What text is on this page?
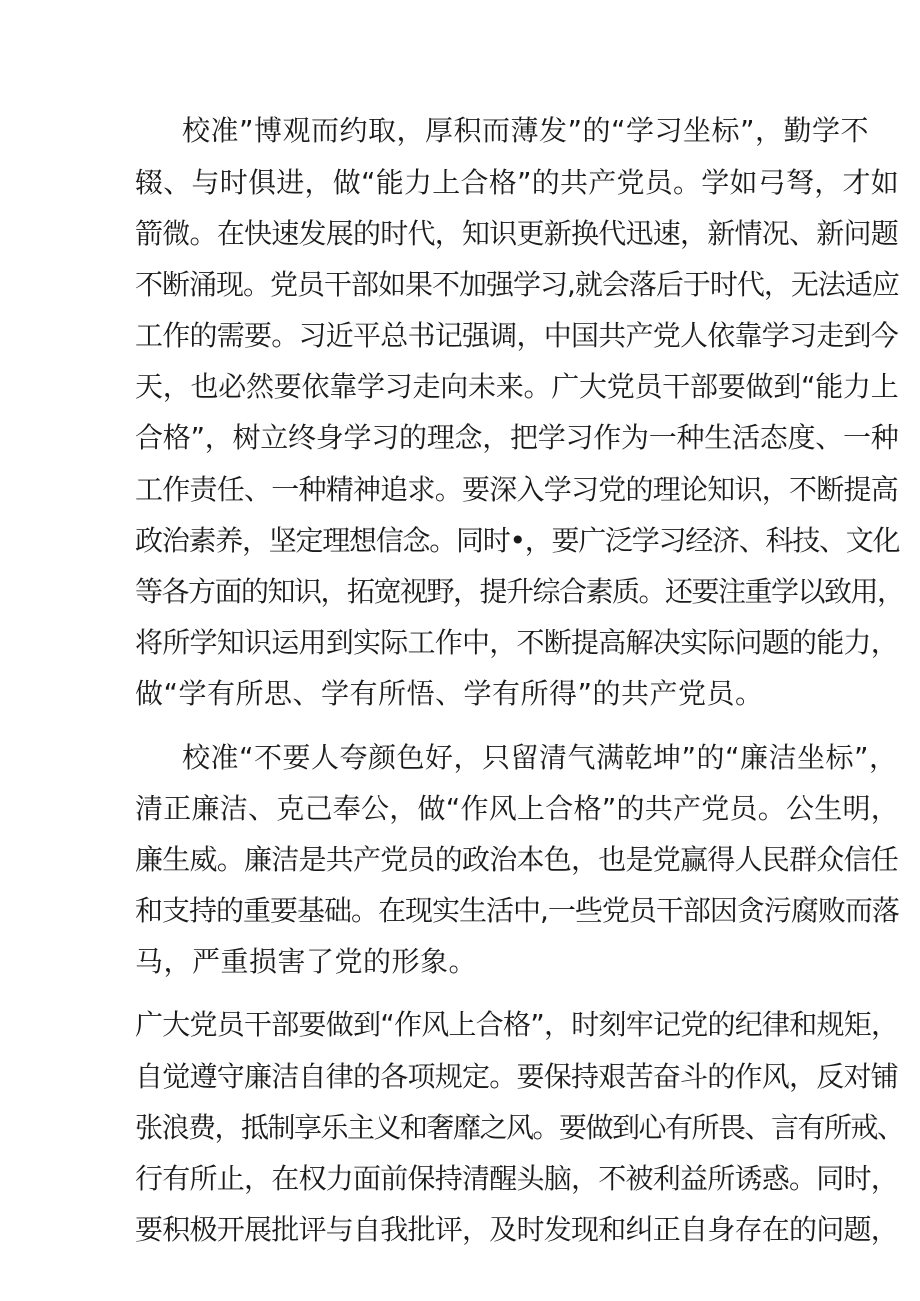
校准”博观而约取，厚积而薄发”的“学习坐标”，勤学不
辍、与时俱进，做“能力上合格”的共产党员。学如弓弩，才如
箭微。在快速发展的时代，知识更新换代迅速，新情况、新问题
不断涌现。党员干部如果不加强学习,就会落后于时代，无法适应
工作的需要。习近平总书记强调，中国共产党人依靠学习走到今
天，也必然要依靠学习走向未来。广大党员干部要做到“能力上
合格”，树立终身学习的理念，把学习作为一种生活态度、一种
工作责任、一种精神追求。要深入学习党的理论知识，不断提高
政治素养，坚定理想信念。同时•，要广泛学习经济、科技、文化
等各方面的知识，拓宽视野，提升综合素质。还要注重学以致用，
将所学知识运用到实际工作中，不断提高解决实际问题的能力，
做“学有所思、学有所悟、学有所得”的共产党员。
校准“不要人夸颜色好，只留清气满乾坤”的“廉洁坐标”，
清正廉洁、克己奉公，做“作风上合格”的共产党员。公生明，
廉生威。廉洁是共产党员的政治本色，也是党赢得人民群众信任
和支持的重要基础。在现实生活中,一些党员干部因贪污腐败而落
马，严重损害了党的形象。
广大党员干部要做到“作风上合格”，时刻牢记党的纪律和规矩，
自觉遵守廉洁自律的各项规定。要保持艰苦奋斗的作风，反对铺
张浪费，抵制享乐主义和奢靡之风。要做到心有所畏、言有所戒、
行有所止，在权力面前保持清醒头脑，不被利益所诱惑。同时，
要积极开展批评与自我批评，及时发现和纠正自身存在的问题，
